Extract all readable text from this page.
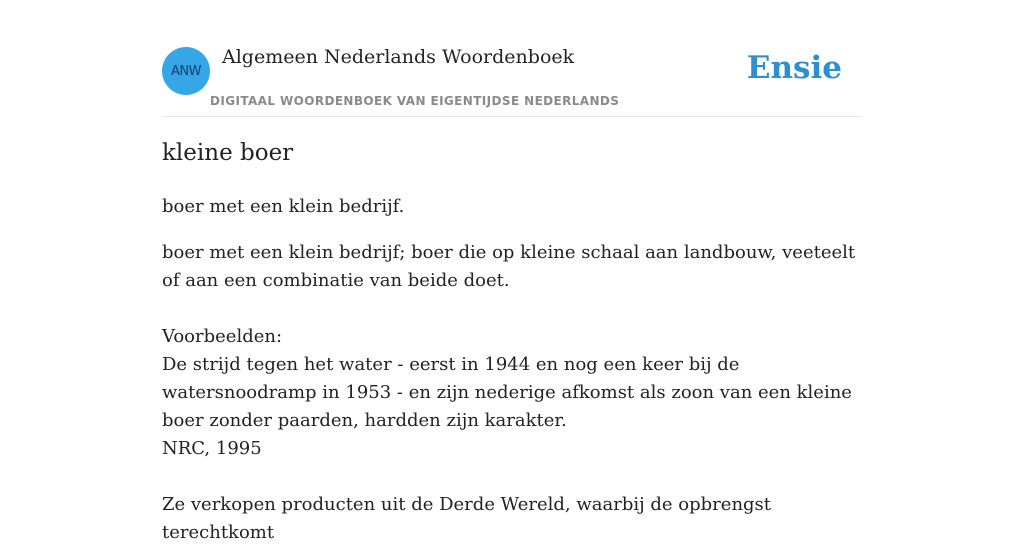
ANW
Algemeen Nederlands Woordenboek
DIGITAAL WOORDENBOEK VAN EIGENTIJDSE NEDERLANDS
Ensie
kleine boer

boer met een klein bedrijf.

boer met een klein bedrijf; boer die op kleine schaal aan landbouw, veeteelt of aan een combinatie van beide doet.

Voorbeelden:

De strijd tegen het water - eerst in 1944 en nog een keer bij de watersnoodramp in 1953 - en zijn nederige afkomst als zoon van een kleine boer zonder paarden, hardden zijn karakter.

NRC, 1995

Ze verkopen producten uit de Derde Wereld, waarbij de opbrengst terechtkomt
